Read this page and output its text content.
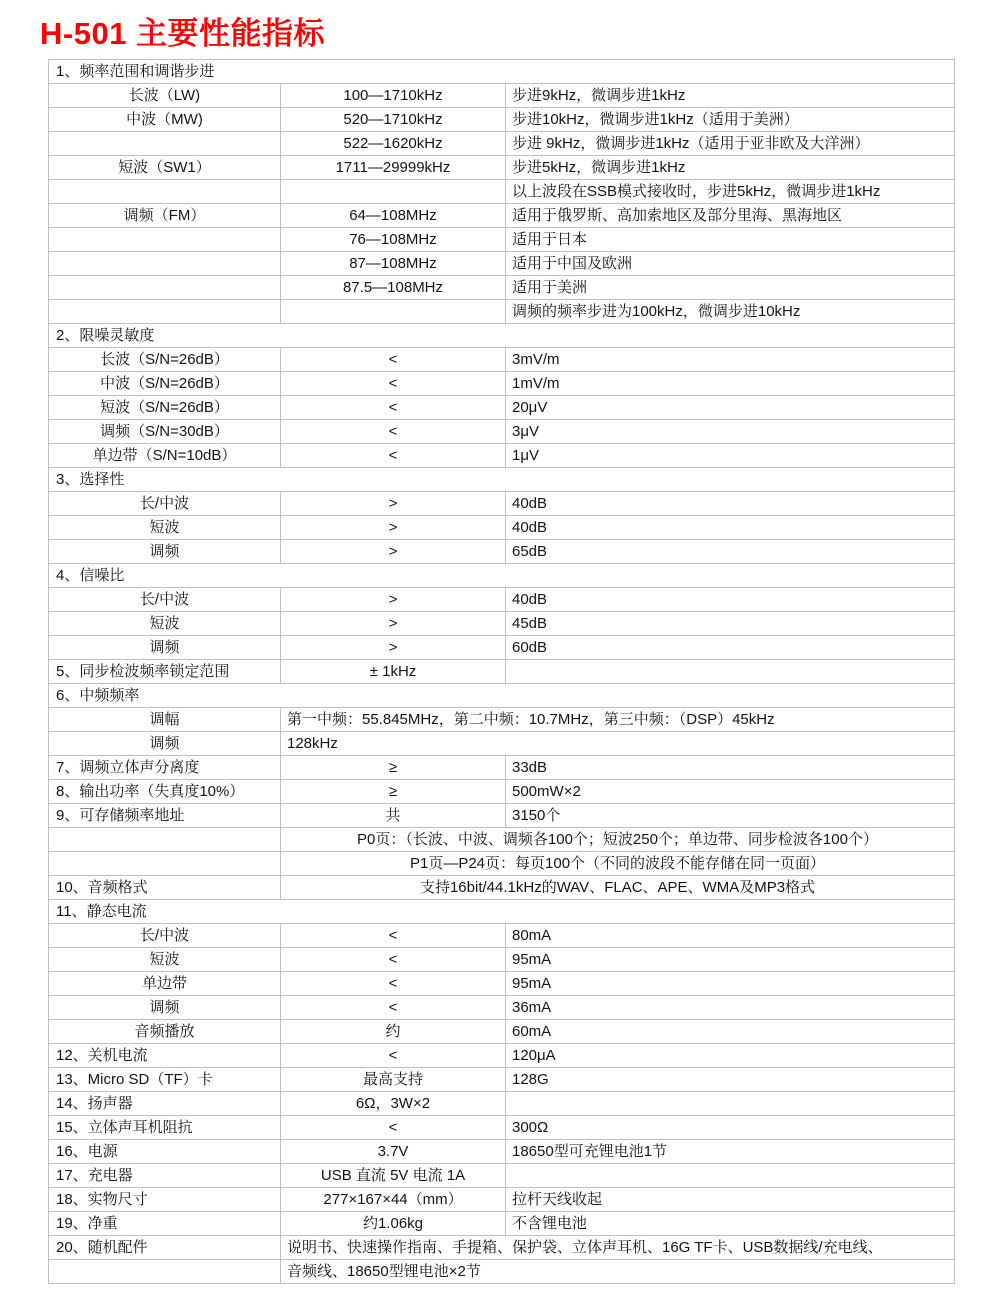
H-501 主要性能指标
1、频率范围和调谐步进		
长波（LW)	100—1710kHz	步进9kHz，微调步进1kHz
中波（MW)	520—1710kHz	步进10kHz，微调步进1kHz（适用于美洲）
	522—1620kHz	步进 9kHz，微调步进1kHz（适用于亚非欧及大洋洲）
短波（SW1）	1711—29999kHz	步进5kHz，微调步进1kHz
		以上波段在SSB模式接收时，步进5kHz，微调步进1kHz
调频（FM）	64—108MHz	适用于俄罗斯、高加索地区及部分里海、黑海地区
	76—108MHz	适用于日本
	87—108MHz	适用于中国及欧洲
	87.5—108MHz	适用于美洲
		调频的频率步进为100kHz，微调步进10kHz
2、限噪灵敏度		
长波（S/N=26dB）	<	3mV/m
中波（S/N=26dB）	<	1mV/m
短波（S/N=26dB）	<	20μV
调频（S/N=30dB）	<	3μV
单边带（S/N=10dB）	<	1μV
3、选择性		
长/中波	>	40dB
短波	>	40dB
调频	>	65dB
4、信噪比		
长/中波	>	40dB
短波	>	45dB
调频	>	60dB
5、同步检波频率锁定范围	± 1kHz	
6、中频频率		
调幅	第一中频：55.845MHz，第二中频：10.7MHz，第三中频：（DSP）45kHz	
调频	128kHz	
7、调频立体声分离度	≥	33dB
8、输出功率（失真度10%）	≥	500mW×2
9、可存储频率地址	共	3150个
	P0页：（长波、中波、调频各100个；短波250个；单边带、同步检波各100个）	
	P1页—P24页：每页100个（不同的波段不能存储在同一页面）	
10、音频格式	支持16bit/44.1kHz的WAV、FLAC、APE、WMA及MP3格式	
11、静态电流		
长/中波	<	80mA
短波	<	95mA
单边带	<	95mA
调频	<	36mA
音频播放	约	60mA
12、关机电流	<	120μA
13、Micro SD（TF）卡	最高支持	128G
14、扬声器	6Ω，3W×2	
15、立体声耳机阻抗	<	300Ω
16、电源	3.7V	18650型可充锂电池1节
17、充电器	USB 直流 5V 电流 1A	
18、实物尺寸	277×167×44（mm）	拉杆天线收起
19、净重	约1.06kg	不含锂电池
20、随机配件	说明书、快速操作指南、手提箱、保护袋、立体声耳机、16G TF卡、USB数据线/充电线、	
	音频线、18650型锂电池×2节	
